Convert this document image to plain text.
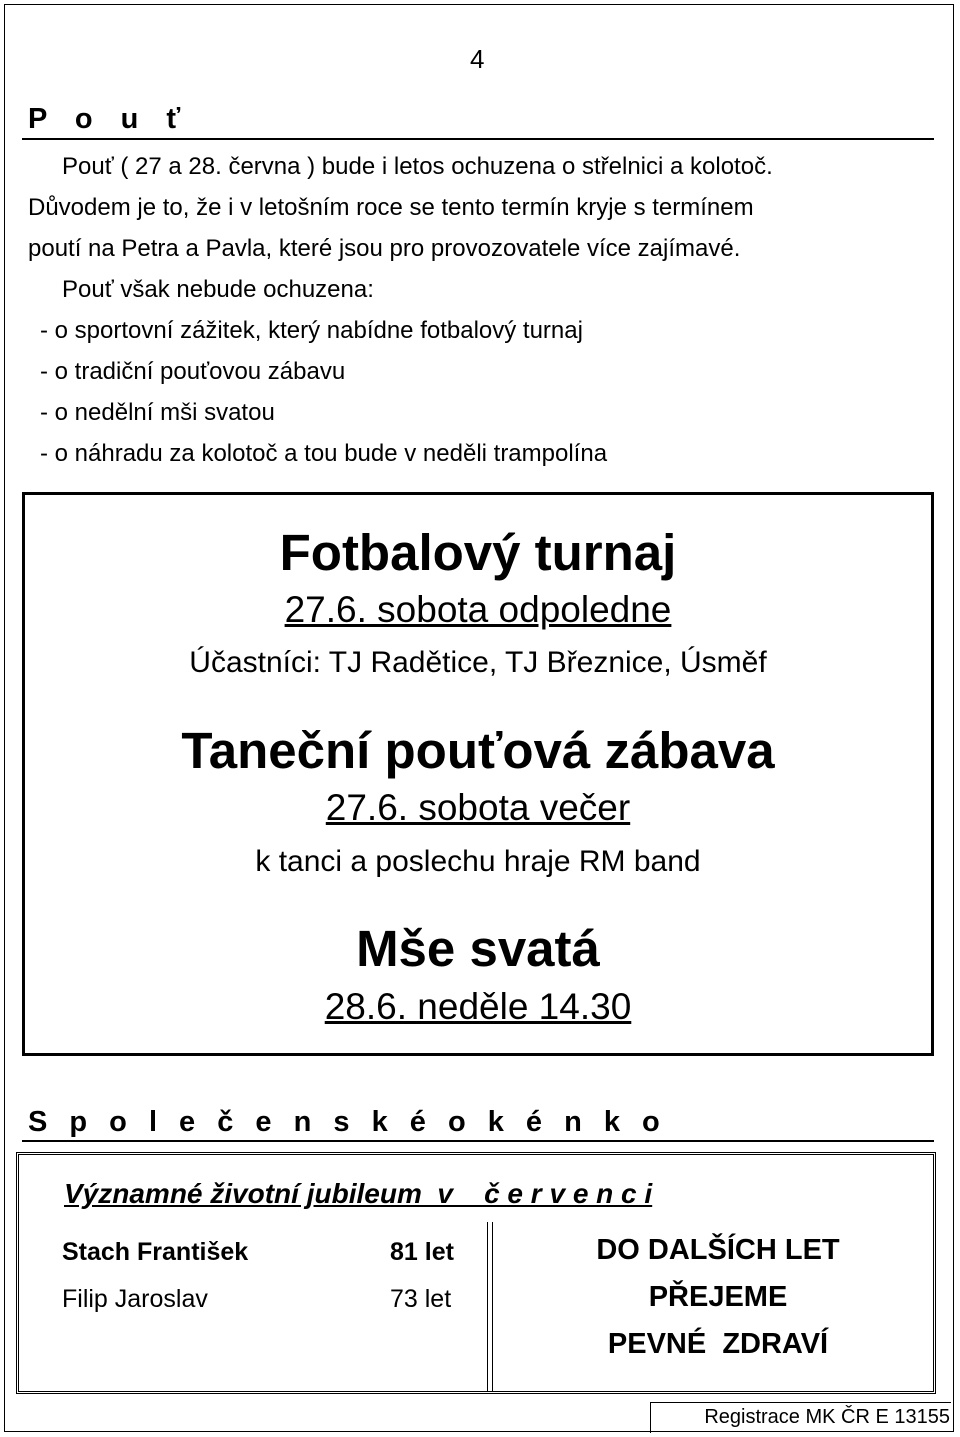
4
P o u ť
Pouť ( 27 a 28. června ) bude i letos ochuzena o střelnici a kolotoč.
Důvodem je to, že i v letošním roce se tento termín kryje s termínem
poutí na Petra a Pavla, které jsou pro provozovatele více zajímavé.
Pouť však nebude ochuzena:
- o sportovní zážitek, který nabídne fotbalový turnaj
- o tradiční pouťovou zábavu
- o nedělní mši svatou
- o náhradu za kolotoč a tou bude v neděli trampolína
Fotbalový turnaj
27.6. sobota odpoledne
Účastníci: TJ Radětice, TJ Březnice, Úsměf
Taneční pouťová zábava
27.6. sobota večer
k tanci a poslechu hraje RM band
Mše svatá
28.6. neděle 14.30
S p o l e č e n s k é o k é n k o
Významné životní jubileum  v    č e r v e n c i
Stach František	81 let
Filip Jaroslav	73 let
DO DALŠÍCH LET
PŘEJEME
PEVNÉ  ZDRAVÍ
Registrace MK ČR E 13155
